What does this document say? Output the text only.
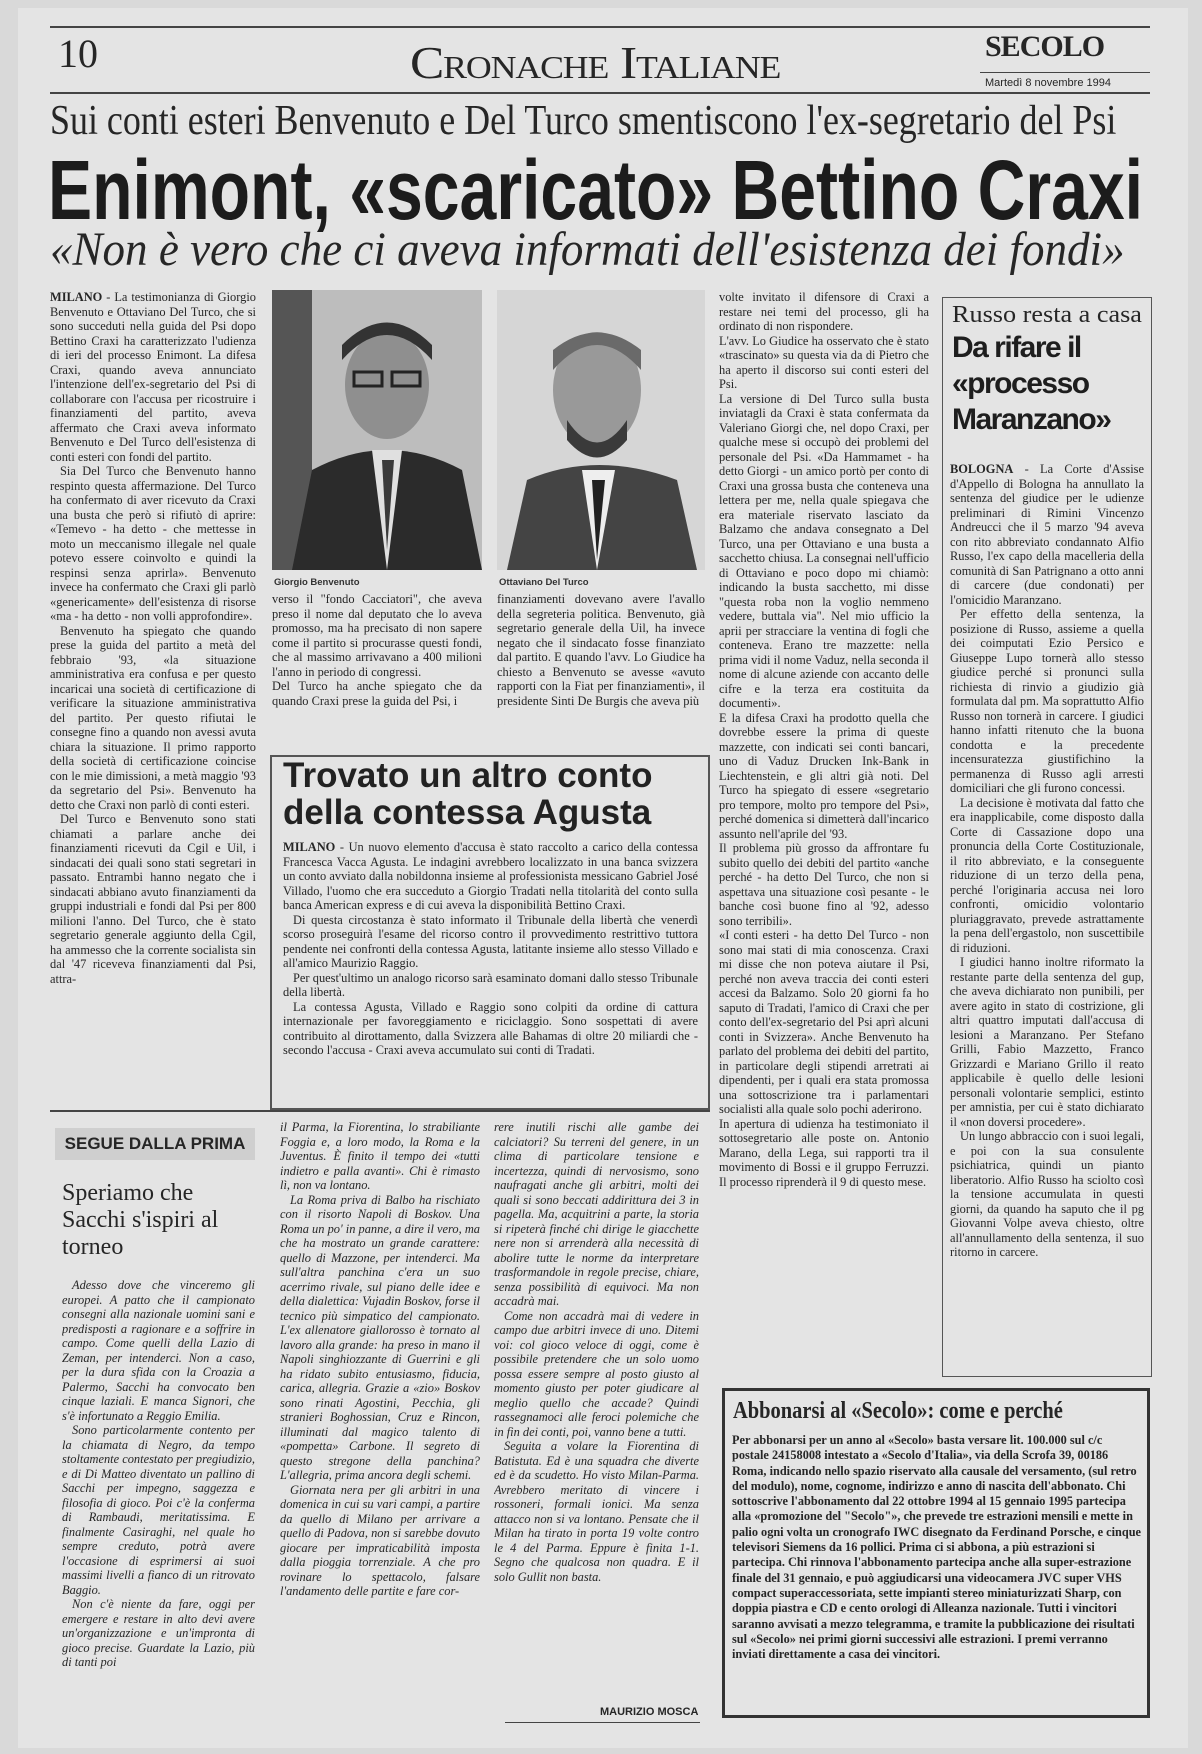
10	Cronache Italiane	SECOLO
Martedì 8 novembre 1994
Sui conti esteri Benvenuto e Del Turco smentiscono l'ex-segretario del Psi
Enimont, «scaricato» Bettino Craxi
«Non è vero che ci aveva informati dell'esistenza dei fondi»

MILANO - La testimonianza di Giorgio Benvenuto e Ottaviano Del Turco, che si sono succeduti nella guida del Psi dopo Bettino Craxi ha caratterizzato l'udienza di ieri del processo Enimont. La difesa Craxi, quando aveva annunciato l'intenzione dell'ex-segretario del Psi di collaborare con l'accusa per ricostruire i finanziamenti del partito, aveva affermato che Craxi aveva informato Benvenuto e Del Turco dell'esistenza di conti esteri con fondi del partito.

Sia Del Turco che Benvenuto hanno respinto questa affermazione. Del Turco ha confermato di aver ricevuto da Craxi una busta che però si rifiutò di aprire: «Temevo - ha detto - che mettesse in moto un meccanismo illegale nel quale potevo essere coinvolto e quindi la respinsi senza aprirla». Benvenuto invece ha confermato che Craxi gli parlò «genericamente» dell'esistenza di risorse «ma - ha detto - non volli approfondire».

Benvenuto ha spiegato che quando prese la guida del partito a metà del febbraio '93, «la situazione amministrativa era confusa e per questo incaricai una società di certificazione di verificare la situazione amministrativa del partito. Per questo rifiutai le consegne fino a quando non avessi avuta chiara la situazione. Il primo rapporto della società di certificazione coincise con le mie dimissioni, a metà maggio '93 da segretario del Psi». Benvenuto ha detto che Craxi non parlò di conti esteri.

Del Turco e Benvenuto sono stati chiamati a parlare anche dei finanziamenti ricevuti da Cgil e Uil, i sindacati dei quali sono stati segretari in passato. Entrambi hanno negato che i sindacati abbiano avuto finanziamenti da gruppi industriali e fondi dal Psi per 800 milioni l'anno. Del Turco, che è stato segretario generale aggiunto della Cgil, ha ammesso che la corrente socialista sin dal '47 riceveva finanziamenti dal Psi, attra-

Giorgio Benvenuto	Ottaviano Del Turco

verso il "fondo Cacciatori", che aveva preso il nome dal deputato che lo aveva promosso, ma ha precisato di non sapere come il partito si procurasse questi fondi, che al massimo arrivavano a 400 milioni l'anno in periodo di congressi.

Del Turco ha anche spiegato che da quando Craxi prese la guida del Psi, i

finanziamenti dovevano avere l'avallo della segreteria politica. Benvenuto, già segretario generale della Uil, ha invece negato che il sindacato fosse finanziato dal partito. E quando l'avv. Lo Giudice ha chiesto a Benvenuto se avesse «avuto rapporti con la Fiat per finanziamenti», il presidente Sinti De Burgis che aveva più

Trovato un altro conto della contessa Agusta

MILANO - Un nuovo elemento d'accusa è stato raccolto a carico della contessa Francesca Vacca Agusta. Le indagini avrebbero localizzato in una banca svizzera un conto avviato dalla nobildonna insieme al professionista messicano Gabriel José Villado, l'uomo che era succeduto a Giorgio Tradati nella titolarità del conto sulla banca American express e di cui aveva la disponibilità Bettino Craxi.

Di questa circostanza è stato informato il Tribunale della libertà che venerdì scorso proseguirà l'esame del ricorso contro il provvedimento restrittivo tuttora pendente nei confronti della contessa Agusta, latitante insieme allo stesso Villado e all'amico Maurizio Raggio.

Per quest'ultimo un analogo ricorso sarà esaminato domani dallo stesso Tribunale della libertà.

La contessa Agusta, Villado e Raggio sono colpiti da ordine di cattura internazionale per favoreggiamento e riciclaggio. Sono sospettati di avere contribuito al dirottamento, dalla Svizzera alle Bahamas di oltre 20 miliardi che - secondo l'accusa - Craxi aveva accumulato sui conti di Tradati.

volte invitato il difensore di Craxi a restare nei temi del processo, gli ha ordinato di non rispondere.

L'avv. Lo Giudice ha osservato che è stato «trascinato» su questa via da di Pietro che ha aperto il discorso sui conti esteri del Psi.

La versione di Del Turco sulla busta inviatagli da Craxi è stata confermata da Valeriano Giorgi che, nel dopo Craxi, per qualche mese si occupò dei problemi del personale del Psi. «Da Hammamet - ha detto Giorgi - un amico portò per conto di Craxi una grossa busta che conteneva una lettera per me, nella quale spiegava che era materiale riservato lasciato da Balzamo che andava consegnato a Del Turco, una per Ottaviano e una busta a sacchetto chiusa. La consegnai nell'ufficio di Ottaviano e poco dopo mi chiamò: indicando la busta sacchetto, mi disse "questa roba non la voglio nemmeno vedere, buttala via". Nel mio ufficio la aprii per stracciare la ventina di fogli che conteneva. Erano tre mazzette: nella prima vidi il nome Vaduz, nella seconda il nome di alcune aziende con accanto delle cifre e la terza era costituita da documenti».

E la difesa Craxi ha prodotto quella che dovrebbe essere la prima di queste mazzette, con indicati sei conti bancari, uno di Vaduz Drucken Ink-Bank in Liechtenstein, e gli altri già noti. Del Turco ha spiegato di essere «segretario pro tempore, molto pro tempore del Psi», perché domenica si dimetterà dall'incarico assunto nell'aprile del '93.

Il problema più grosso da affrontare fu subito quello dei debiti del partito «anche perché - ha detto Del Turco, che non si aspettava una situazione così pesante - le banche così buone fino al '92, adesso sono terribili».

«I conti esteri - ha detto Del Turco - non sono mai stati di mia conoscenza. Craxi mi disse che non poteva aiutare il Psi, perché non aveva traccia dei conti esteri accesi da Balzamo. Solo 20 giorni fa ho saputo di Tradati, l'amico di Craxi che per conto dell'ex-segretario del Psi aprì alcuni conti in Svizzera». Anche Benvenuto ha parlato del problema dei debiti del partito, in particolare degli stipendi arretrati ai dipendenti, per i quali era stata promossa una sottoscrizione tra i parlamentari socialisti alla quale solo pochi aderirono.

In apertura di udienza ha testimoniato il sottosegretario alle poste on. Antonio Marano, della Lega, sui rapporti tra il movimento di Bossi e il gruppo Ferruzzi. Il processo riprenderà il 9 di questo mese.

Russo resta a casa
Da rifare il «processo Maranzano»

BOLOGNA - La Corte d'Assise d'Appello di Bologna ha annullato la sentenza del giudice per le udienze preliminari di Rimini Vincenzo Andreucci che il 5 marzo '94 aveva con rito abbreviato condannato Alfio Russo, l'ex capo della macelleria della comunità di San Patrignano a otto anni di carcere (due condonati) per l'omicidio Maranzano.

Per effetto della sentenza, la posizione di Russo, assieme a quella dei coimputati Ezio Persico e Giuseppe Lupo tornerà allo stesso giudice perché si pronunci sulla richiesta di rinvio a giudizio già formulata dal pm. Ma soprattutto Alfio Russo non tornerà in carcere. I giudici hanno infatti ritenuto che la buona condotta e la precedente incensuratezza giustifichino la permanenza di Russo agli arresti domiciliari che gli furono concessi.

La decisione è motivata dal fatto che era inapplicabile, come disposto dalla Corte di Cassazione dopo una pronuncia della Corte Costituzionale, il rito abbreviato, e la conseguente riduzione di un terzo della pena, perché l'originaria accusa nei loro confronti, omicidio volontario pluriaggravato, prevede astrattamente la pena dell'ergastolo, non suscettibile di riduzioni.

I giudici hanno inoltre riformato la restante parte della sentenza del gup, che aveva dichiarato non punibili, per avere agito in stato di costrizione, gli altri quattro imputati dall'accusa di lesioni a Maranzano. Per Stefano Grilli, Fabio Mazzetto, Franco Grizzardi e Mariano Grillo il reato applicabile è quello delle lesioni personali volontarie semplici, estinto per amnistia, per cui è stato dichiarato il «non doversi procedere».

Un lungo abbraccio con i suoi legali, e poi con la sua consulente psichiatrica, quindi un pianto liberatorio. Alfio Russo ha sciolto così la tensione accumulata in questi giorni, da quando ha saputo che il pg Giovanni Volpe aveva chiesto, oltre all'annullamento della sentenza, il suo ritorno in carcere.

SEGUE DALLA PRIMA
Speriamo che Sacchi s'ispiri al torneo

Adesso dove che vinceremo gli europei. A patto che il campionato consegni alla nazionale uomini sani e predisposti a ragionare e a soffrire in campo. Come quelli della Lazio di Zeman, per intenderci. Non a caso, per la dura sfida con la Croazia a Palermo, Sacchi ha convocato ben cinque laziali. E manca Signori, che s'è infortunato a Reggio Emilia.

Sono particolarmente contento per la chiamata di Negro, da tempo stoltamente contestato per pregiudizio, e di Di Matteo diventato un pallino di Sacchi per impegno, saggezza e filosofia di gioco. Poi c'è la conferma di Rambaudi, meritatissima. E finalmente Casiraghi, nel quale ho sempre creduto, potrà avere l'occasione di esprimersi ai suoi massimi livelli a fianco di un ritrovato Baggio.

Non c'è niente da fare, oggi per emergere e restare in alto devi avere un'organizzazione e un'impronta di gioco precise. Guardate la Lazio, più di tanti poi

il Parma, la Fiorentina, lo strabiliante Foggia e, a loro modo, la Roma e la Juventus. È finito il tempo dei «tutti indietro e palla avanti». Chi è rimasto lì, non va lontano.

La Roma priva di Balbo ha rischiato con il risorto Napoli di Boskov. Una Roma un po' in panne, a dire il vero, ma che ha mostrato un grande carattere: quello di Mazzone, per intenderci. Ma sull'altra panchina c'era un suo acerrimo rivale, sul piano delle idee e della dialettica: Vujadin Boskov, forse il tecnico più simpatico del campionato. L'ex allenatore giallorosso è tornato al lavoro alla grande: ha preso in mano il Napoli singhiozzante di Guerrini e gli ha ridato subito entusiasmo, fiducia, carica, allegria. Grazie a «zio» Boskov sono rinati Agostini, Pecchia, gli stranieri Boghossian, Cruz e Rincon, illuminati dal magico talento di «pompetta» Carbone. Il segreto di questo stregone della panchina? L'allegria, prima ancora degli schemi.

Giornata nera per gli arbitri in una domenica in cui su vari campi, a partire da quello di Milano per arrivare a quello di Padova, non si sarebbe dovuto giocare per impraticabilità imposta dalla pioggia torrenziale. A che pro rovinare lo spettacolo, falsare l'andamento delle partite e fare cor-

rere inutili rischi alle gambe dei calciatori? Su terreni del genere, in un clima di particolare tensione e incertezza, quindi di nervosismo, sono naufragati anche gli arbitri, molti dei quali si sono beccati addirittura dei 3 in pagella. Ma, acquitrini a parte, la storia si ripeterà finché chi dirige le giacchette nere non si arrenderà alla necessità di abolire tutte le norme da interpretare trasformandole in regole precise, chiare, senza possibilità di equivoci. Ma non accadrà mai.

Come non accadrà mai di vedere in campo due arbitri invece di uno. Ditemi voi: col gioco veloce di oggi, come è possibile pretendere che un solo uomo possa essere sempre al posto giusto al momento giusto per poter giudicare al meglio quello che accade? Quindi rassegnamoci alle feroci polemiche che in fin dei conti, poi, vanno bene a tutti.

Seguita a volare la Fiorentina di Batistuta. Ed è una squadra che diverte ed è da scudetto. Ho visto Milan-Parma. Avrebbero meritato di vincere i rossoneri, formali ionici. Ma senza attacco non si va lontano. Pensate che il Milan ha tirato in porta 19 volte contro le 4 del Parma. Eppure è finita 1-1. Segno che qualcosa non quadra. E il solo Gullit non basta.

MAURIZIO MOSCA
Abbonarsi al «Secolo»: come e perché

Per abbonarsi per un anno al «Secolo» basta versare lit. 100.000 sul c/c postale 24158008 intestato a «Secolo d'Italia», via della Scrofa 39, 00186 Roma, indicando nello spazio riservato alla causale del versamento, (sul retro del modulo), nome, cognome, indirizzo e anno di nascita dell'abbonato. Chi sottoscrive l'abbonamento dal 22 ottobre 1994 al 15 gennaio 1995 partecipa alla «promozione del "Secolo"», che prevede tre estrazioni mensili e mette in palio ogni volta un cronografo IWC disegnato da Ferdinand Porsche, e cinque televisori Siemens da 16 pollici. Prima ci si abbona, a più estrazioni si partecipa. Chi rinnova l'abbonamento partecipa anche alla super-estrazione finale del 31 gennaio, e può aggiudicarsi una videocamera JVC super VHS compact superaccessoriata, sette impianti stereo miniaturizzati Sharp, con doppia piastra e CD e cento orologi di Alleanza nazionale. Tutti i vincitori saranno avvisati a mezzo telegramma, e tramite la pubblicazione dei risultati sul «Secolo» nei primi giorni successivi alle estrazioni. I premi verranno inviati direttamente a casa dei vincitori.
